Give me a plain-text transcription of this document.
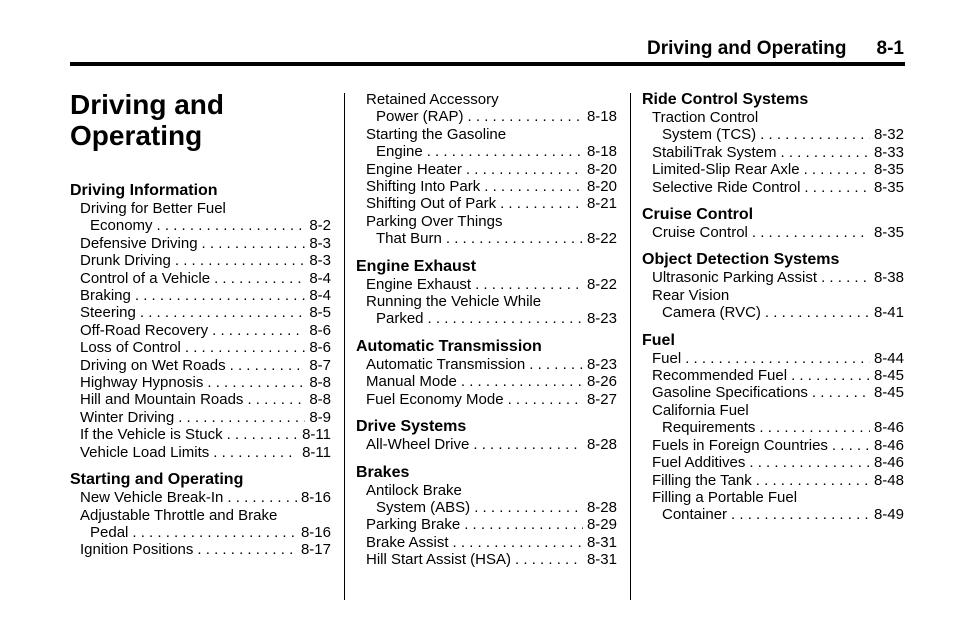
Driving and Operating 8-1
Driving and
Operating
Driving Information
Driving for Better Fuel
Economy . . .	8-2
Defensive Driving . . .	8-3
Drunk Driving . . .	8-3
Control of a Vehicle . . .	8-4
Braking . . .	8-4
Steering . . .	8-5
Off-Road Recovery . . .	8-6
Loss of Control . . .	8-6
Driving on Wet Roads . . .	8-7
Highway Hypnosis . . .	8-8
Hill and Mountain Roads . . .	8-8
Winter Driving . . .	8-9
If the Vehicle is Stuck . . .	8-11
Vehicle Load Limits . . .	8-11
Starting and Operating
New Vehicle Break-In . . .	8-16
Adjustable Throttle and Brake
Pedal . . .	8-16
Ignition Positions . . .	8-17
Retained Accessory
Power (RAP) . . .	8-18
Starting the Gasoline
Engine . . .	8-18
Engine Heater . . .	8-20
Shifting Into Park . . .	8-20
Shifting Out of Park . . .	8-21
Parking Over Things
That Burn . . .	8-22
Engine Exhaust
Engine Exhaust . . .	8-22
Running the Vehicle While
Parked . . .	8-23
Automatic Transmission
Automatic Transmission . . .	8-23
Manual Mode . . .	8-26
Fuel Economy Mode . . .	8-27
Drive Systems
All-Wheel Drive . . .	8-28
Brakes
Antilock Brake
System (ABS) . . .	8-28
Parking Brake . . .	8-29
Brake Assist . . .	8-31
Hill Start Assist (HSA) . . .	8-31
Ride Control Systems
Traction Control
System (TCS) . . .	8-32
StabiliTrak System . . .	8-33
Limited-Slip Rear Axle . . .	8-35
Selective Ride Control . . .	8-35
Cruise Control
Cruise Control . . .	8-35
Object Detection Systems
Ultrasonic Parking Assist . . .	8-38
Rear Vision
Camera (RVC) . . .	8-41
Fuel
Fuel . . .	8-44
Recommended Fuel . . .	8-45
Gasoline Specifications . . .	8-45
California Fuel
Requirements . . .	8-46
Fuels in Foreign Countries . . .	8-46
Fuel Additives . . .	8-46
Filling the Tank . . .	8-48
Filling a Portable Fuel
Container . . .	8-49
